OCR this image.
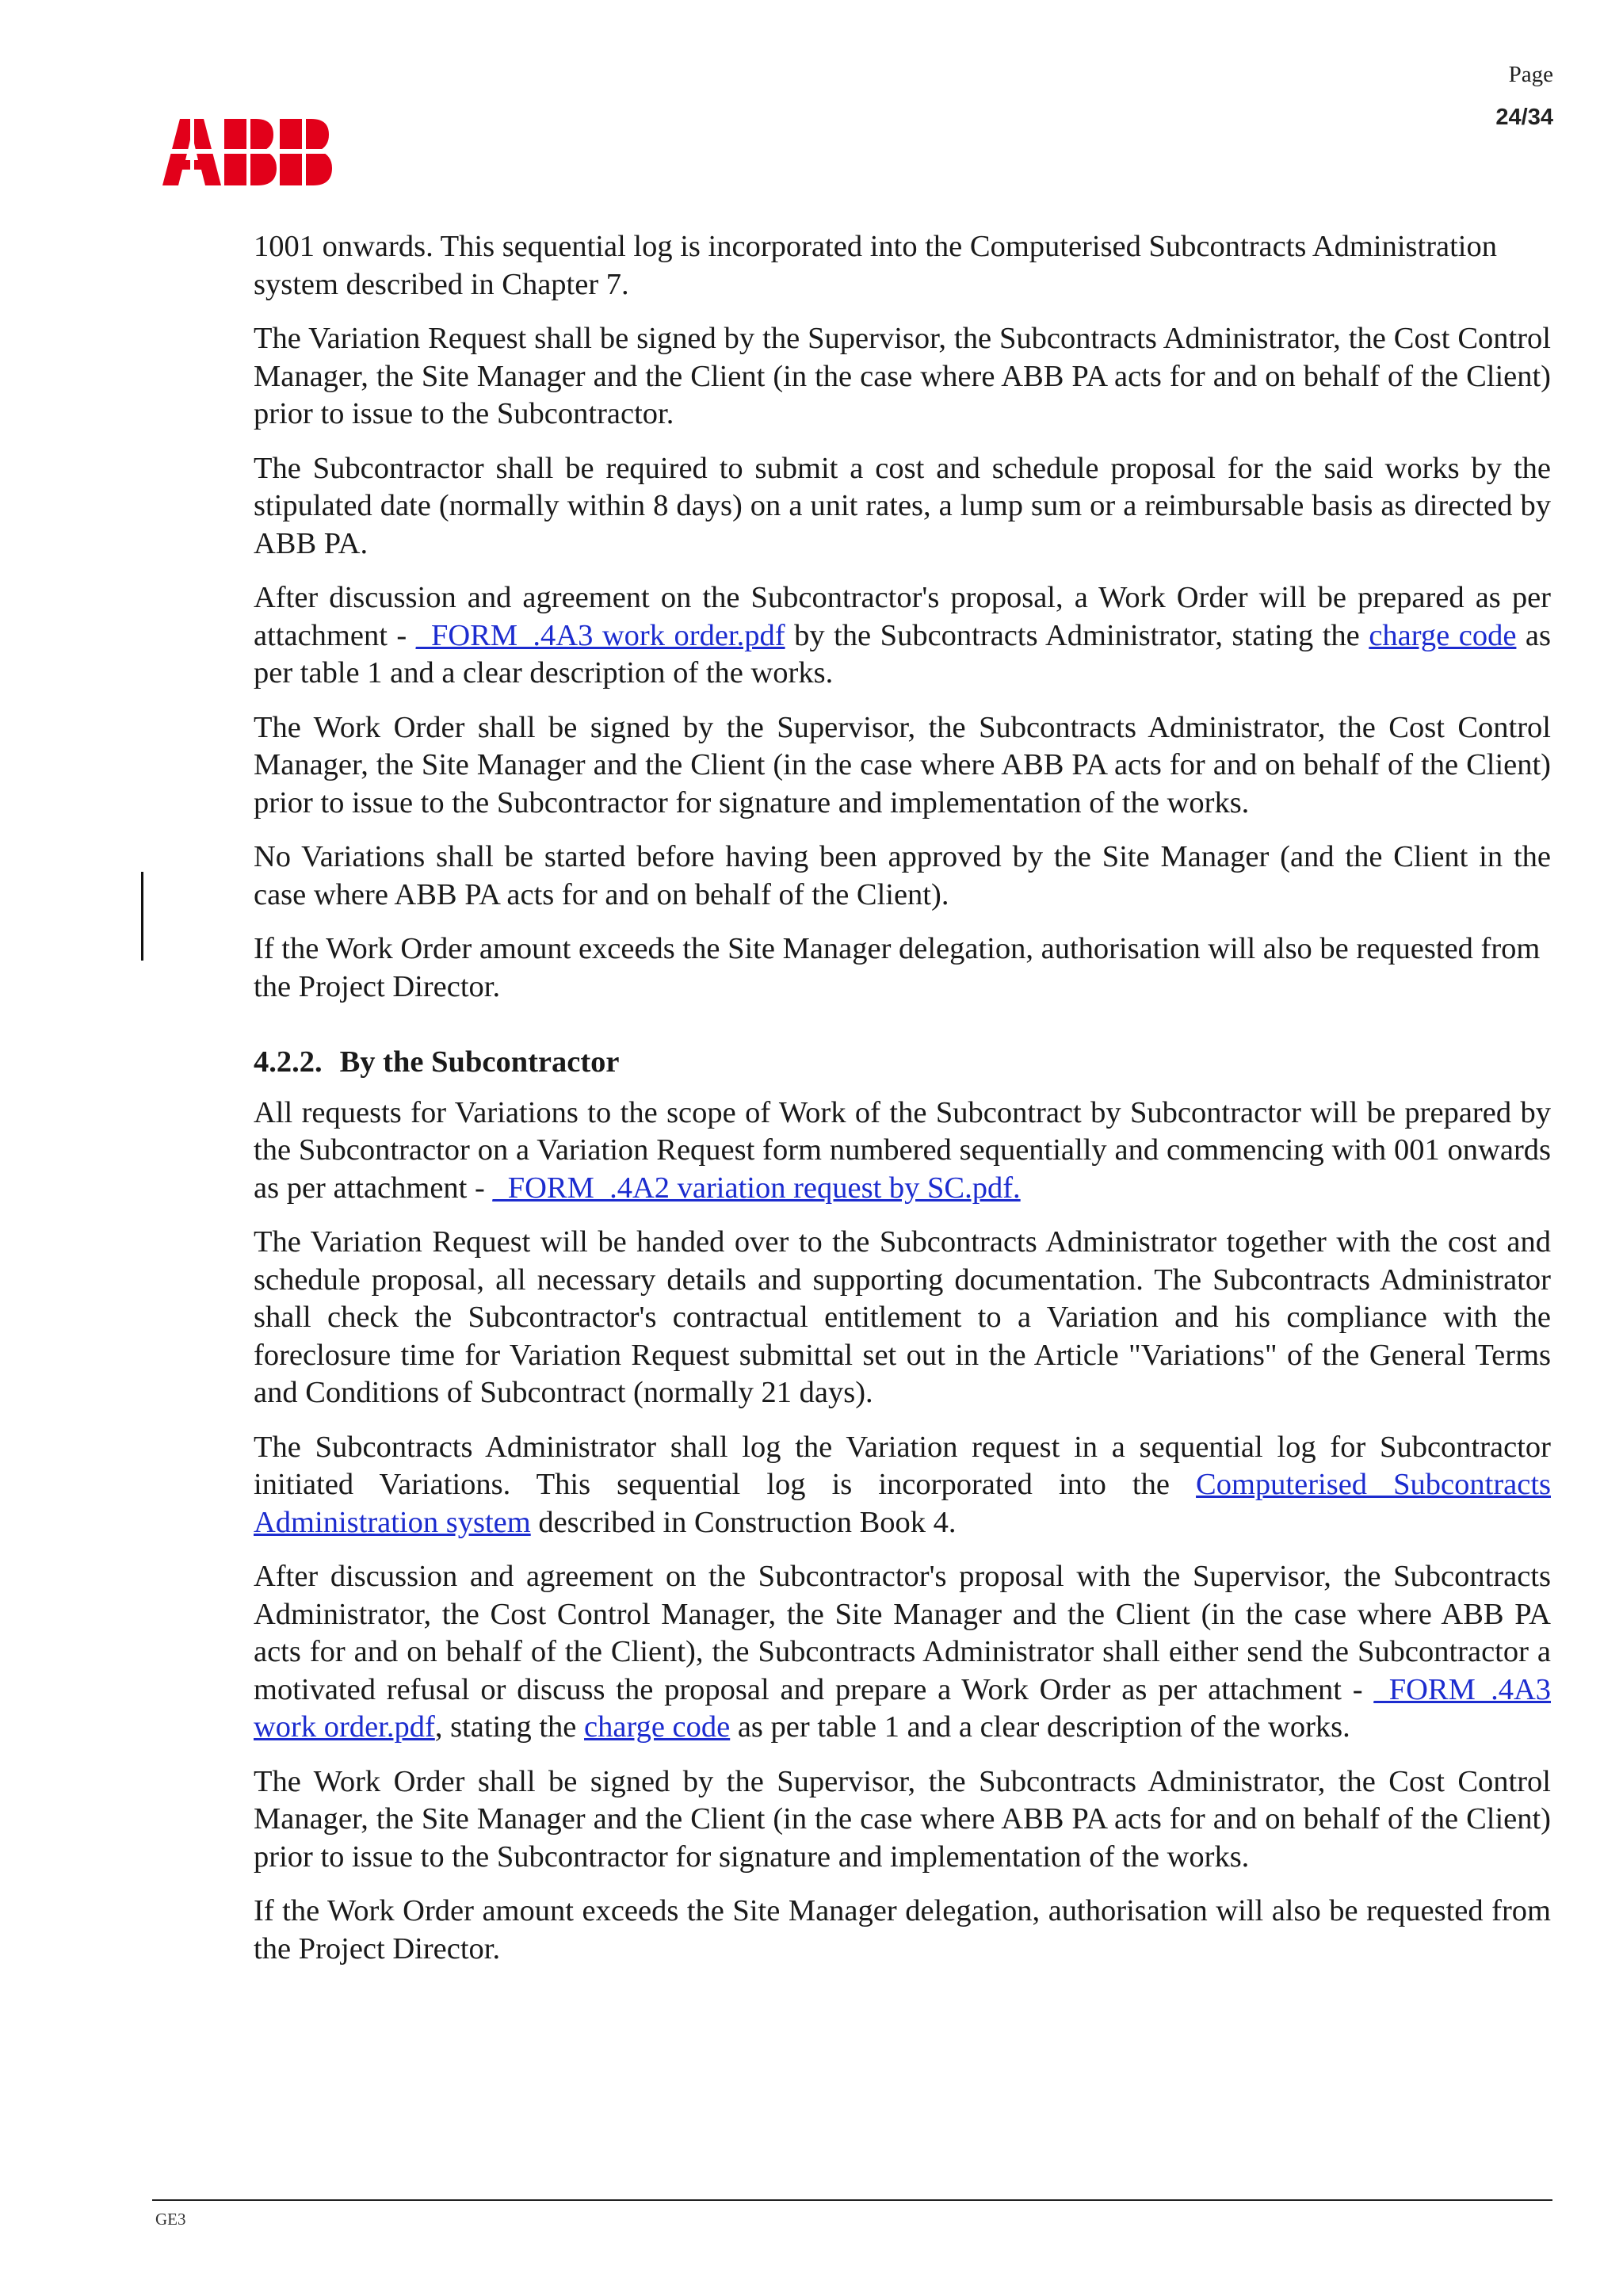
Page
24/34

1001 onwards. This sequential log is incorporated into the Computerised Subcontracts Administration system described in Chapter 7.

The Variation Request shall be signed by the Supervisor, the Subcontracts Administrator, the Cost Control Manager, the Site Manager and the Client (in the case where ABB PA acts for and on behalf of the Client) prior to issue to the Subcontractor.

The Subcontractor shall be required to submit a cost and schedule proposal for the said works by the stipulated date (normally within 8 days) on a unit rates, a lump sum or a reimbursable basis as directed by ABB PA.

After discussion and agreement on the Subcontractor's proposal, a Work Order will be prepared as per attachment - _FORM_.4A3 work order.pdf by the Subcontracts Administrator, stating the charge code as per table 1 and a clear description of the works.

The Work Order shall be signed by the Supervisor, the Subcontracts Administrator, the Cost Control Manager, the Site Manager and the Client (in the case where ABB PA acts for and on behalf of the Client) prior to issue to the Subcontractor for signature and implementation of the works.

No Variations shall be started before having been approved by the Site Manager (and the Client in the case where ABB PA acts for and on behalf of the Client).

If the Work Order amount exceeds the Site Manager delegation, authorisation will also be requested from the Project Director.

4.2.2. By the Subcontractor

All requests for Variations to the scope of Work of the Subcontract by Subcontractor will be prepared by the Subcontractor on a Variation Request form numbered sequentially and commencing with 001 onwards as per attachment - _FORM_.4A2 variation request by SC.pdf.

The Variation Request will be handed over to the Subcontracts Administrator together with the cost and schedule proposal, all necessary details and supporting documentation. The Subcontracts Administrator shall check the Subcontractor's contractual entitlement to a Variation and his compliance with the foreclosure time for Variation Request submittal set out in the Article "Variations" of the General Terms and Conditions of Subcontract (normally 21 days).

The Subcontracts Administrator shall log the Variation request in a sequential log for Subcontractor initiated Variations. This sequential log is incorporated into the Computerised Subcontracts Administration system described in Construction Book 4.

After discussion and agreement on the Subcontractor's proposal with the Supervisor, the Subcontracts Administrator, the Cost Control Manager, the Site Manager and the Client (in the case where ABB PA acts for and on behalf of the Client), the Subcontracts Administrator shall either send the Subcontractor a motivated refusal or discuss the proposal and prepare a Work Order as per attachment - _FORM_.4A3 work order.pdf, stating the charge code as per table 1 and a clear description of the works.

The Work Order shall be signed by the Supervisor, the Subcontracts Administrator, the Cost Control Manager, the Site Manager and the Client (in the case where ABB PA acts for and on behalf of the Client) prior to issue to the Subcontractor for signature and implementation of the works.

If the Work Order amount exceeds the Site Manager delegation, authorisation will also be requested from the Project Director.

GE3
